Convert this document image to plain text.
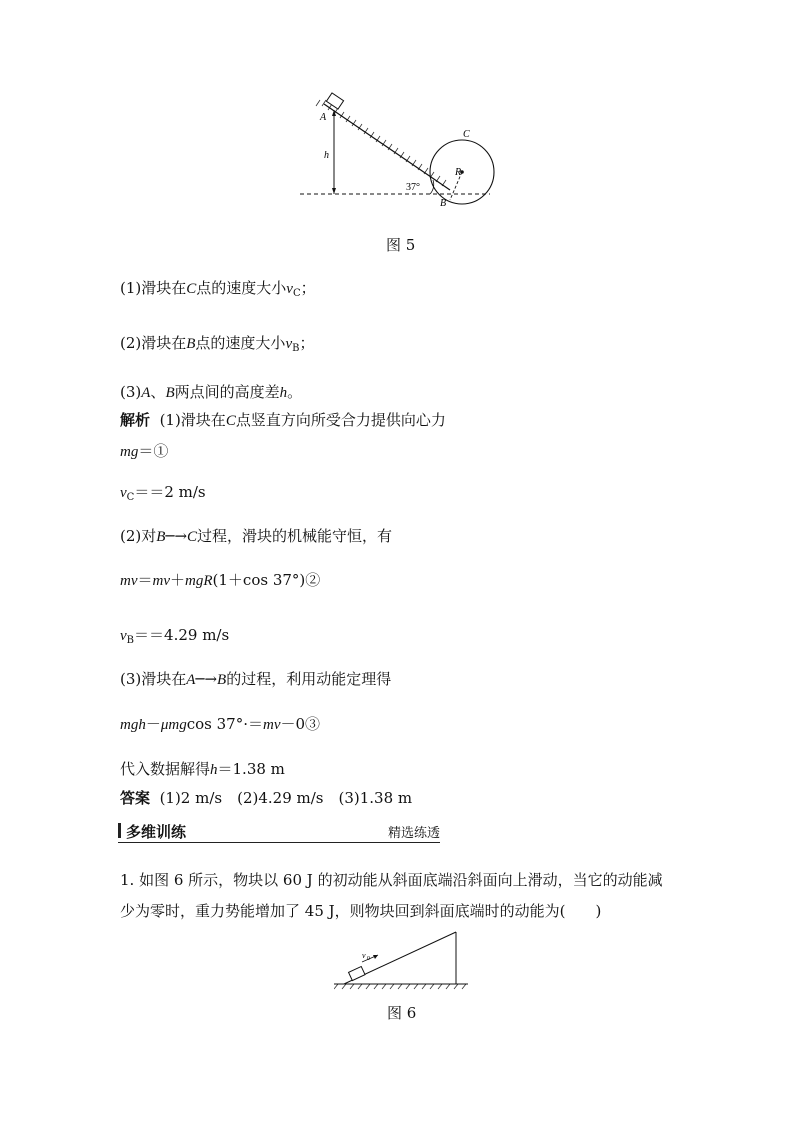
A
h
37°
B
R
C
图 5
(1)滑块在C点的速度大小$v_C$；
(2)滑块在B点的速度大小$v_B$；
(3)A、B两点间的高度差h。
解析 (1)滑块在C点竖直方向所受合力提供向心力
mg＝①
$v_C==2$ m/s
(2)对B─→C过程，滑块的机械能守恒，有
mv＝mv＋mgR(1＋cos 37°)②
$v_B==4.29$ m/s
(3)滑块在A─→B的过程，利用动能定理得
mgh－μmgcos 37°·＝mv－0③
代入数据解得h＝1.38 m
答案 (1)2 m/s　(2)4.29 m/s　(3)1.38 m
多维训练	精选练透
1. 如图 6 所示，物块以 60 J 的初动能从斜面底端沿斜面向上滑动，当它的动能减
少为零时，重力势能增加了 45 J，则物块回到斜面底端时的动能为(　　)
v 0
图 6
